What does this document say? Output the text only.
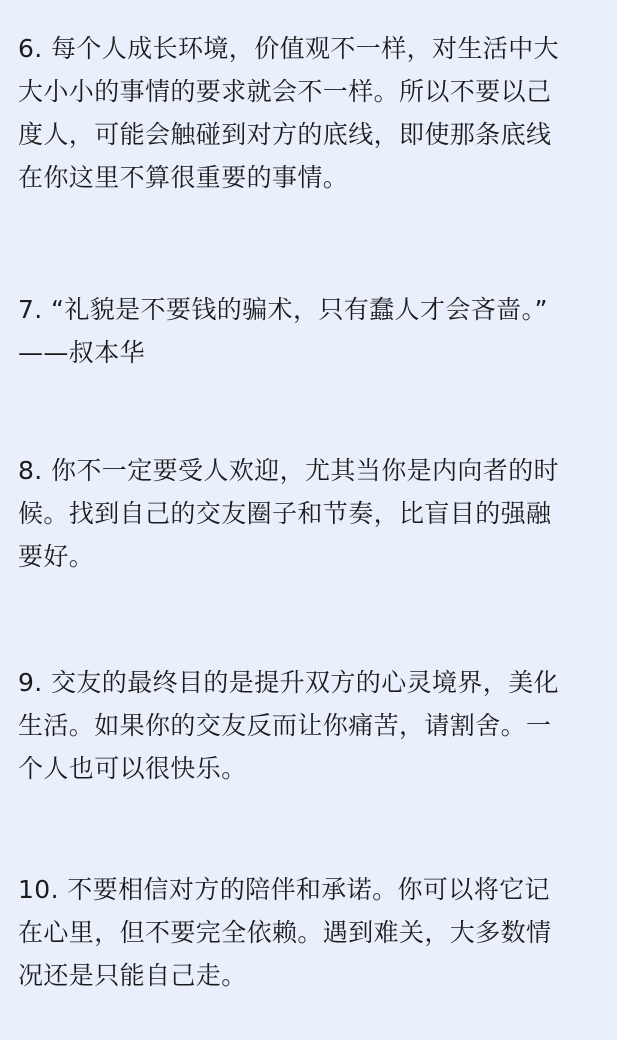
6. 每个人成长环境，价值观不一样，对生活中大
大小小的事情的要求就会不一样。所以不要以己
度人，可能会触碰到对方的底线，即使那条底线
在你这里不算很重要的事情。

7. “礼貌是不要钱的骗术，只有蠢人才会吝啬。”
——叔本华

8. 你不一定要受人欢迎，尤其当你是内向者的时
候。找到自己的交友圈子和节奏，比盲目的强融
要好。

9. 交友的最终目的是提升双方的心灵境界，美化
生活。如果你的交友反而让你痛苦，请割舍。一
个人也可以很快乐。

10. 不要相信对方的陪伴和承诺。你可以将它记
在心里，但不要完全依赖。遇到难关，大多数情
况还是只能自己走。
